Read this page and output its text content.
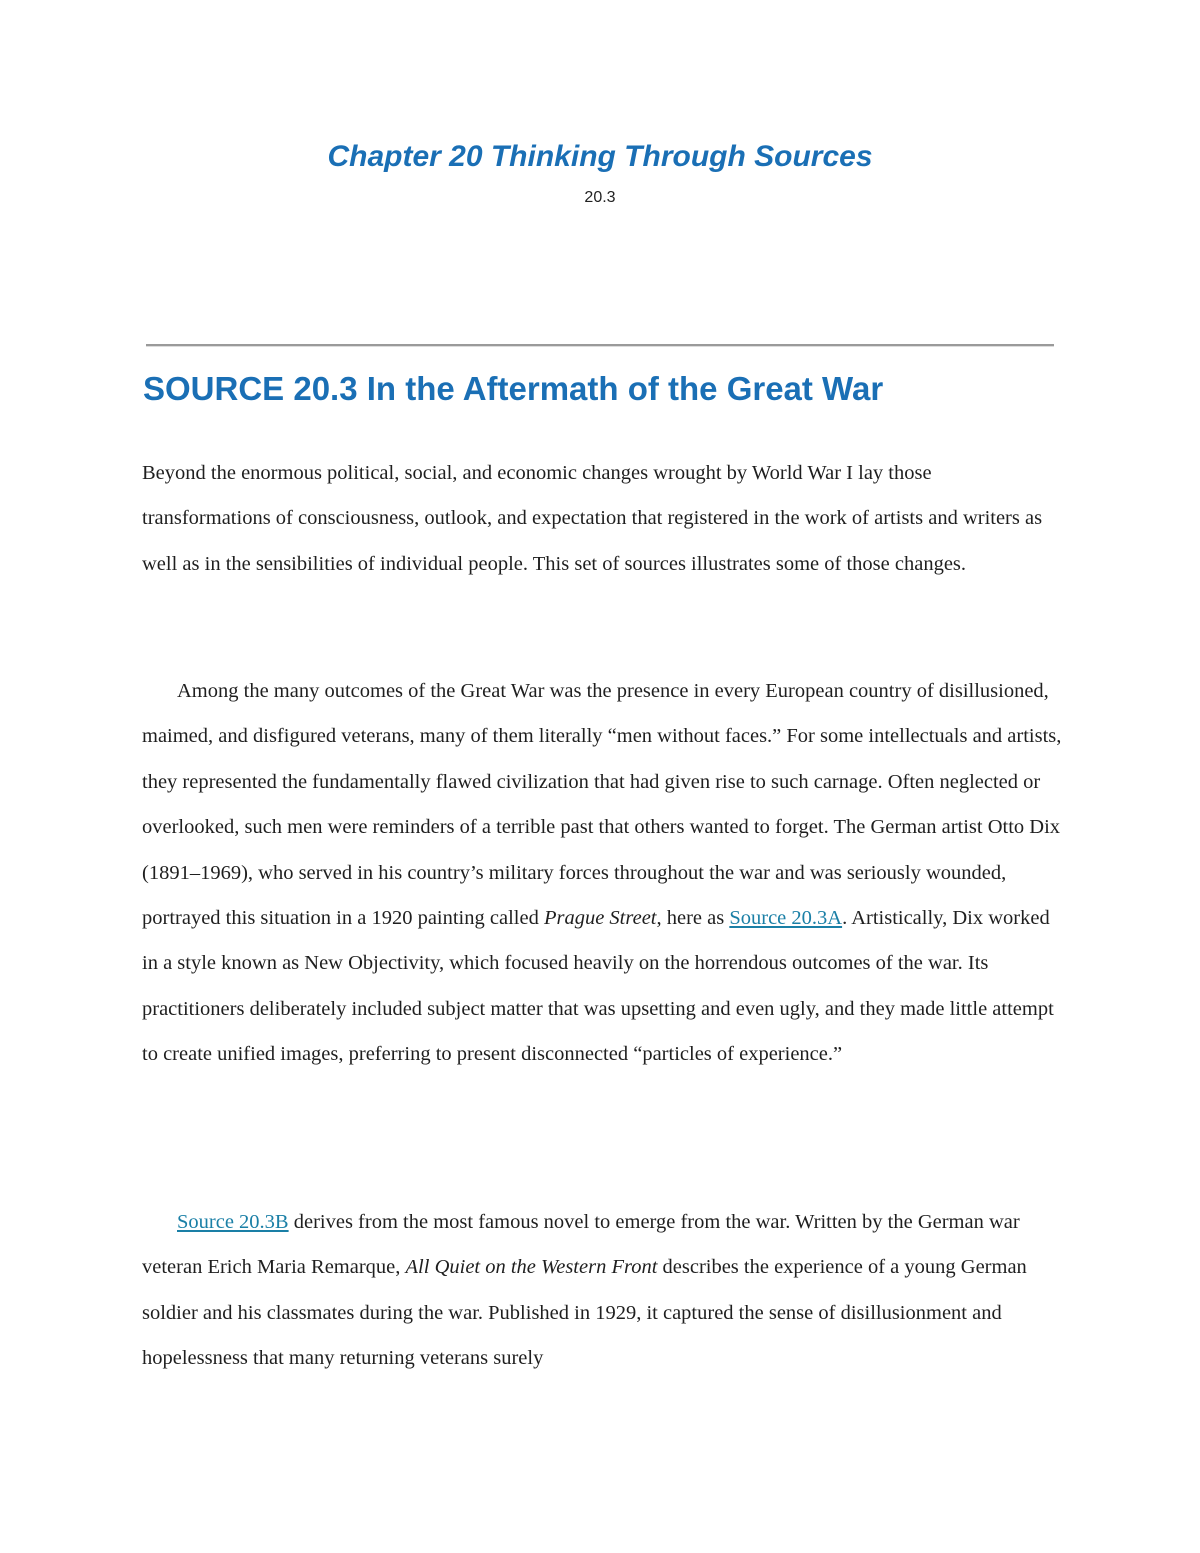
Chapter 20 Thinking Through Sources
20.3
SOURCE 20.3 In the Aftermath of the Great War

Beyond the enormous political, social, and economic changes wrought by World War I lay those transformations of consciousness, outlook, and expectation that registered in the work of artists and writers as well as in the sensibilities of individual people. This set of sources illustrates some of those changes.

Among the many outcomes of the Great War was the presence in every European country of disillusioned, maimed, and disfigured veterans, many of them literally “men without faces.” For some intellectuals and artists, they represented the fundamentally flawed civilization that had given rise to such carnage. Often neglected or overlooked, such men were reminders of a terrible past that others wanted to forget. The German artist Otto Dix (1891–1969), who served in his country’s military forces throughout the war and was seriously wounded, portrayed this situation in a 1920 painting called Prague Street, here as Source 20.3A. Artistically, Dix worked in a style known as New Objectivity, which focused heavily on the horrendous outcomes of the war. Its practitioners deliberately included subject matter that was upsetting and even ugly, and they made little attempt to create unified images, preferring to present disconnected “particles of experience.”

Source 20.3B derives from the most famous novel to emerge from the war. Written by the German war veteran Erich Maria Remarque, All Quiet on the Western Front describes the experience of a young German soldier and his classmates during the war. Published in 1929, it captured the sense of disillusionment and hopelessness that many returning veterans surely
